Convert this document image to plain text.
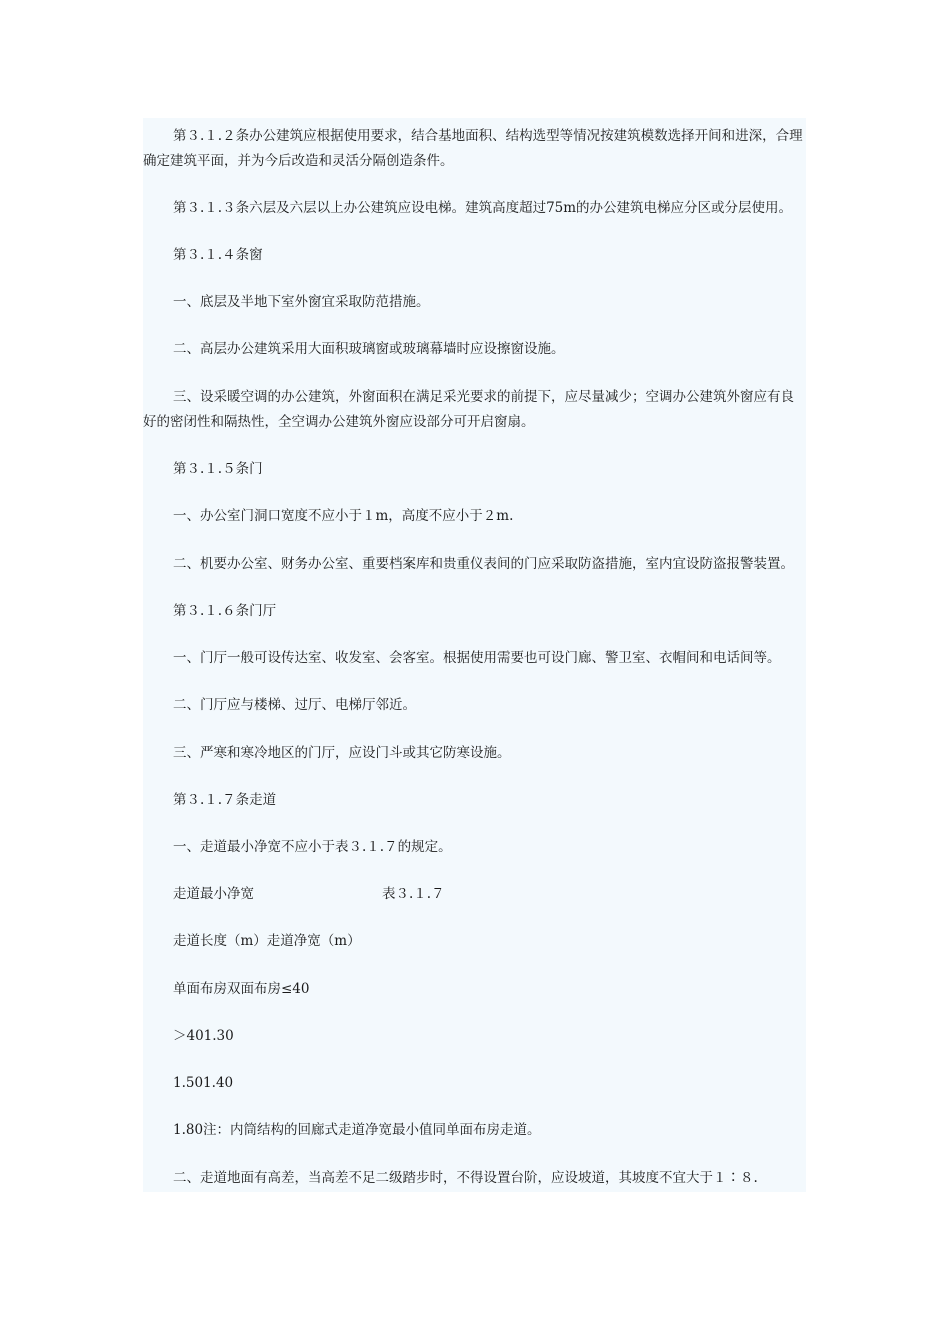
第３.１.２条办公建筑应根据使用要求，结合基地面积、结构选型等情况按建筑模数选择开间和进深，合理确定建筑平面，并为今后改造和灵活分隔创造条件。

第３.１.３条六层及六层以上办公建筑应设电梯。建筑高度超过75m的办公建筑电梯应分区或分层使用。

第３.１.４条窗

一、底层及半地下室外窗宜采取防范措施。

二、高层办公建筑采用大面积玻璃窗或玻璃幕墙时应设擦窗设施。

三、设采暖空调的办公建筑，外窗面积在满足采光要求的前提下，应尽量减少；空调办公建筑外窗应有良好的密闭性和隔热性，全空调办公建筑外窗应设部分可开启窗扇。

第３.１.５条门

一、办公室门洞口宽度不应小于１m，高度不应小于２m.

二、机要办公室、财务办公室、重要档案库和贵重仪表间的门应采取防盗措施，室内宜设防盗报警装置。

第３.１.６条门厅

一、门厅一般可设传达室、收发室、会客室。根据使用需要也可设门廊、警卫室、衣帽间和电话间等。

二、门厅应与楼梯、过厅、电梯厅邻近。

三、严寒和寒冷地区的门厅，应设门斗或其它防寒设施。

第３.１.７条走道

一、走道最小净宽不应小于表３.１.７的规定。

走道最小净宽	表３.１.７

走道长度（m）走道净宽（m）

单面布房双面布房≤40

＞401.30

1.501.40

1.80注：内筒结构的回廊式走道净宽最小值同单面布房走道。

二、走道地面有高差，当高差不足二级踏步时，不得设置台阶，应设坡道，其坡度不宜大于１∶８.
